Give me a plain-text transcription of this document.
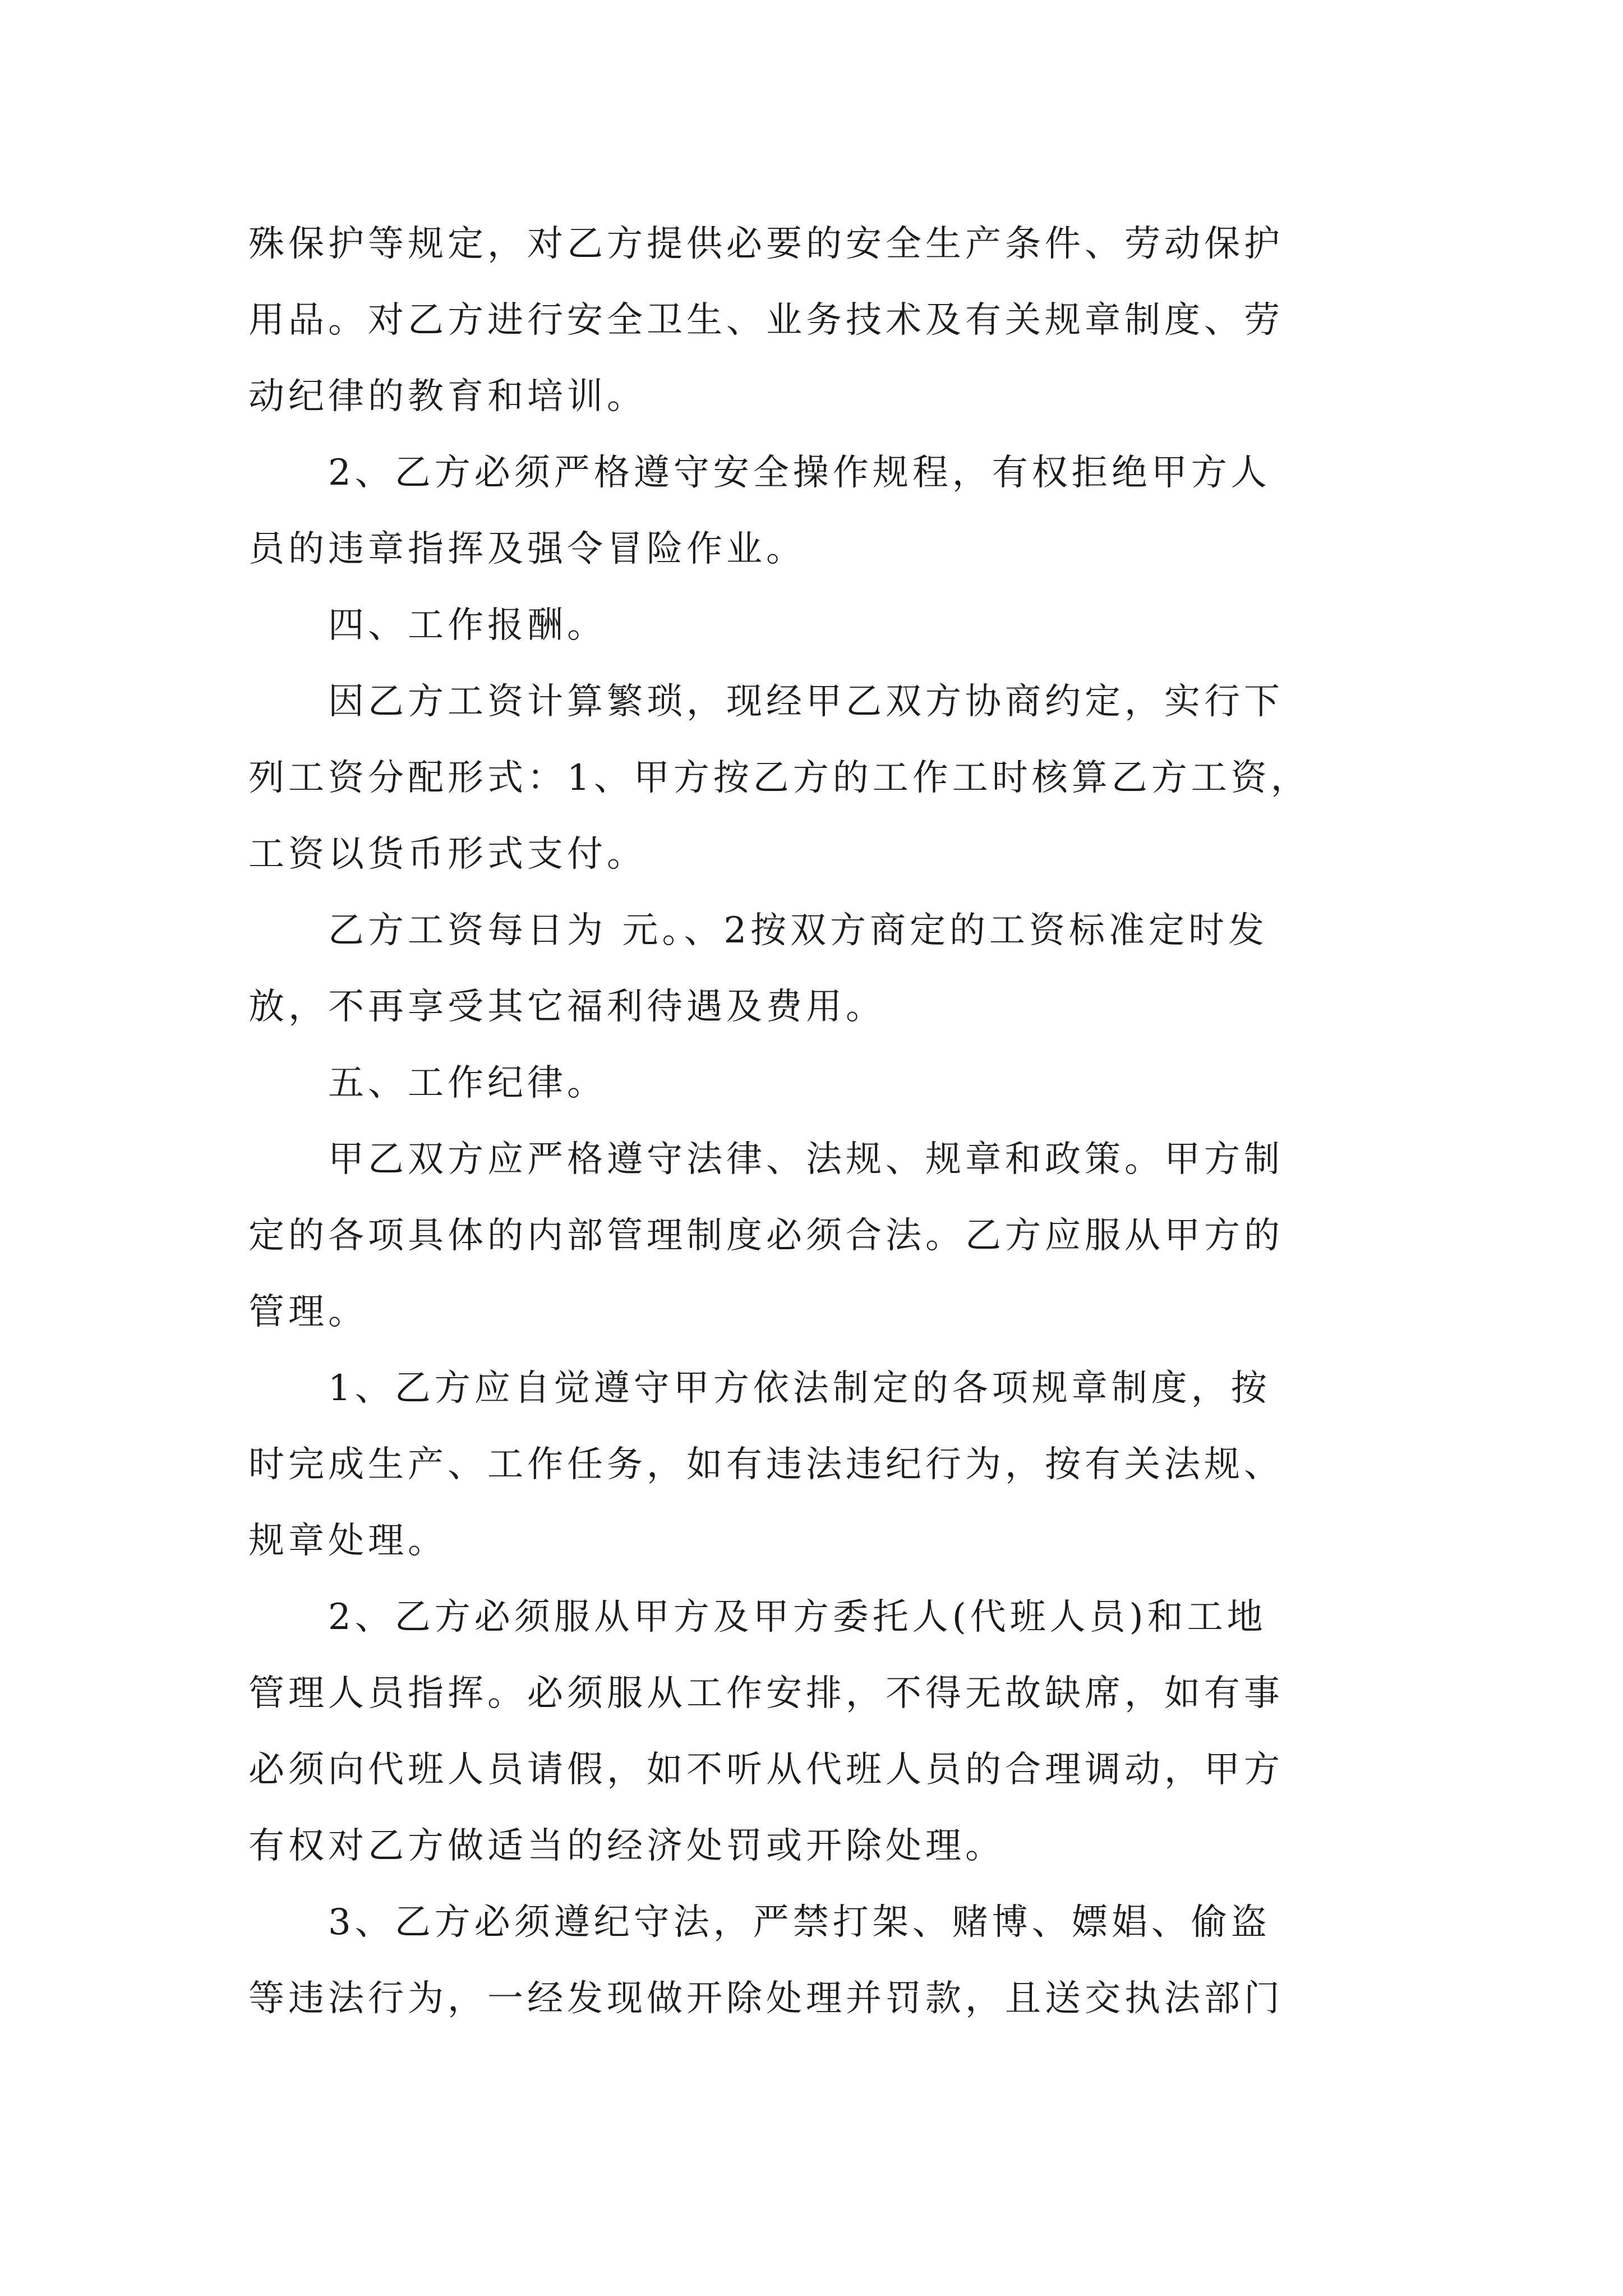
殊保护等规定，对乙方提供必要的安全生产条件、劳动保护
用品。对乙方进行安全卫生、业务技术及有关规章制度、劳
动纪律的教育和培训。
2、乙方必须严格遵守安全操作规程，有权拒绝甲方人
员的违章指挥及强令冒险作业。
四、工作报酬。
因乙方工资计算繁琐，现经甲乙双方协商约定，实行下
列工资分配形式：1、甲方按乙方的工作工时核算乙方工资，
工资以货币形式支付。
乙方工资每日为 元。、2按双方商定的工资标准定时发
放，不再享受其它福利待遇及费用。
五、工作纪律。
甲乙双方应严格遵守法律、法规、规章和政策。甲方制
定的各项具体的内部管理制度必须合法。乙方应服从甲方的
管理。
1、乙方应自觉遵守甲方依法制定的各项规章制度，按
时完成生产、工作任务，如有违法违纪行为，按有关法规、
规章处理。
2、乙方必须服从甲方及甲方委托人(代班人员)和工地
管理人员指挥。必须服从工作安排，不得无故缺席，如有事
必须向代班人员请假，如不听从代班人员的合理调动，甲方
有权对乙方做适当的经济处罚或开除处理。
3、乙方必须遵纪守法，严禁打架、赌博、嫖娼、偷盗
等违法行为，一经发现做开除处理并罚款，且送交执法部门
